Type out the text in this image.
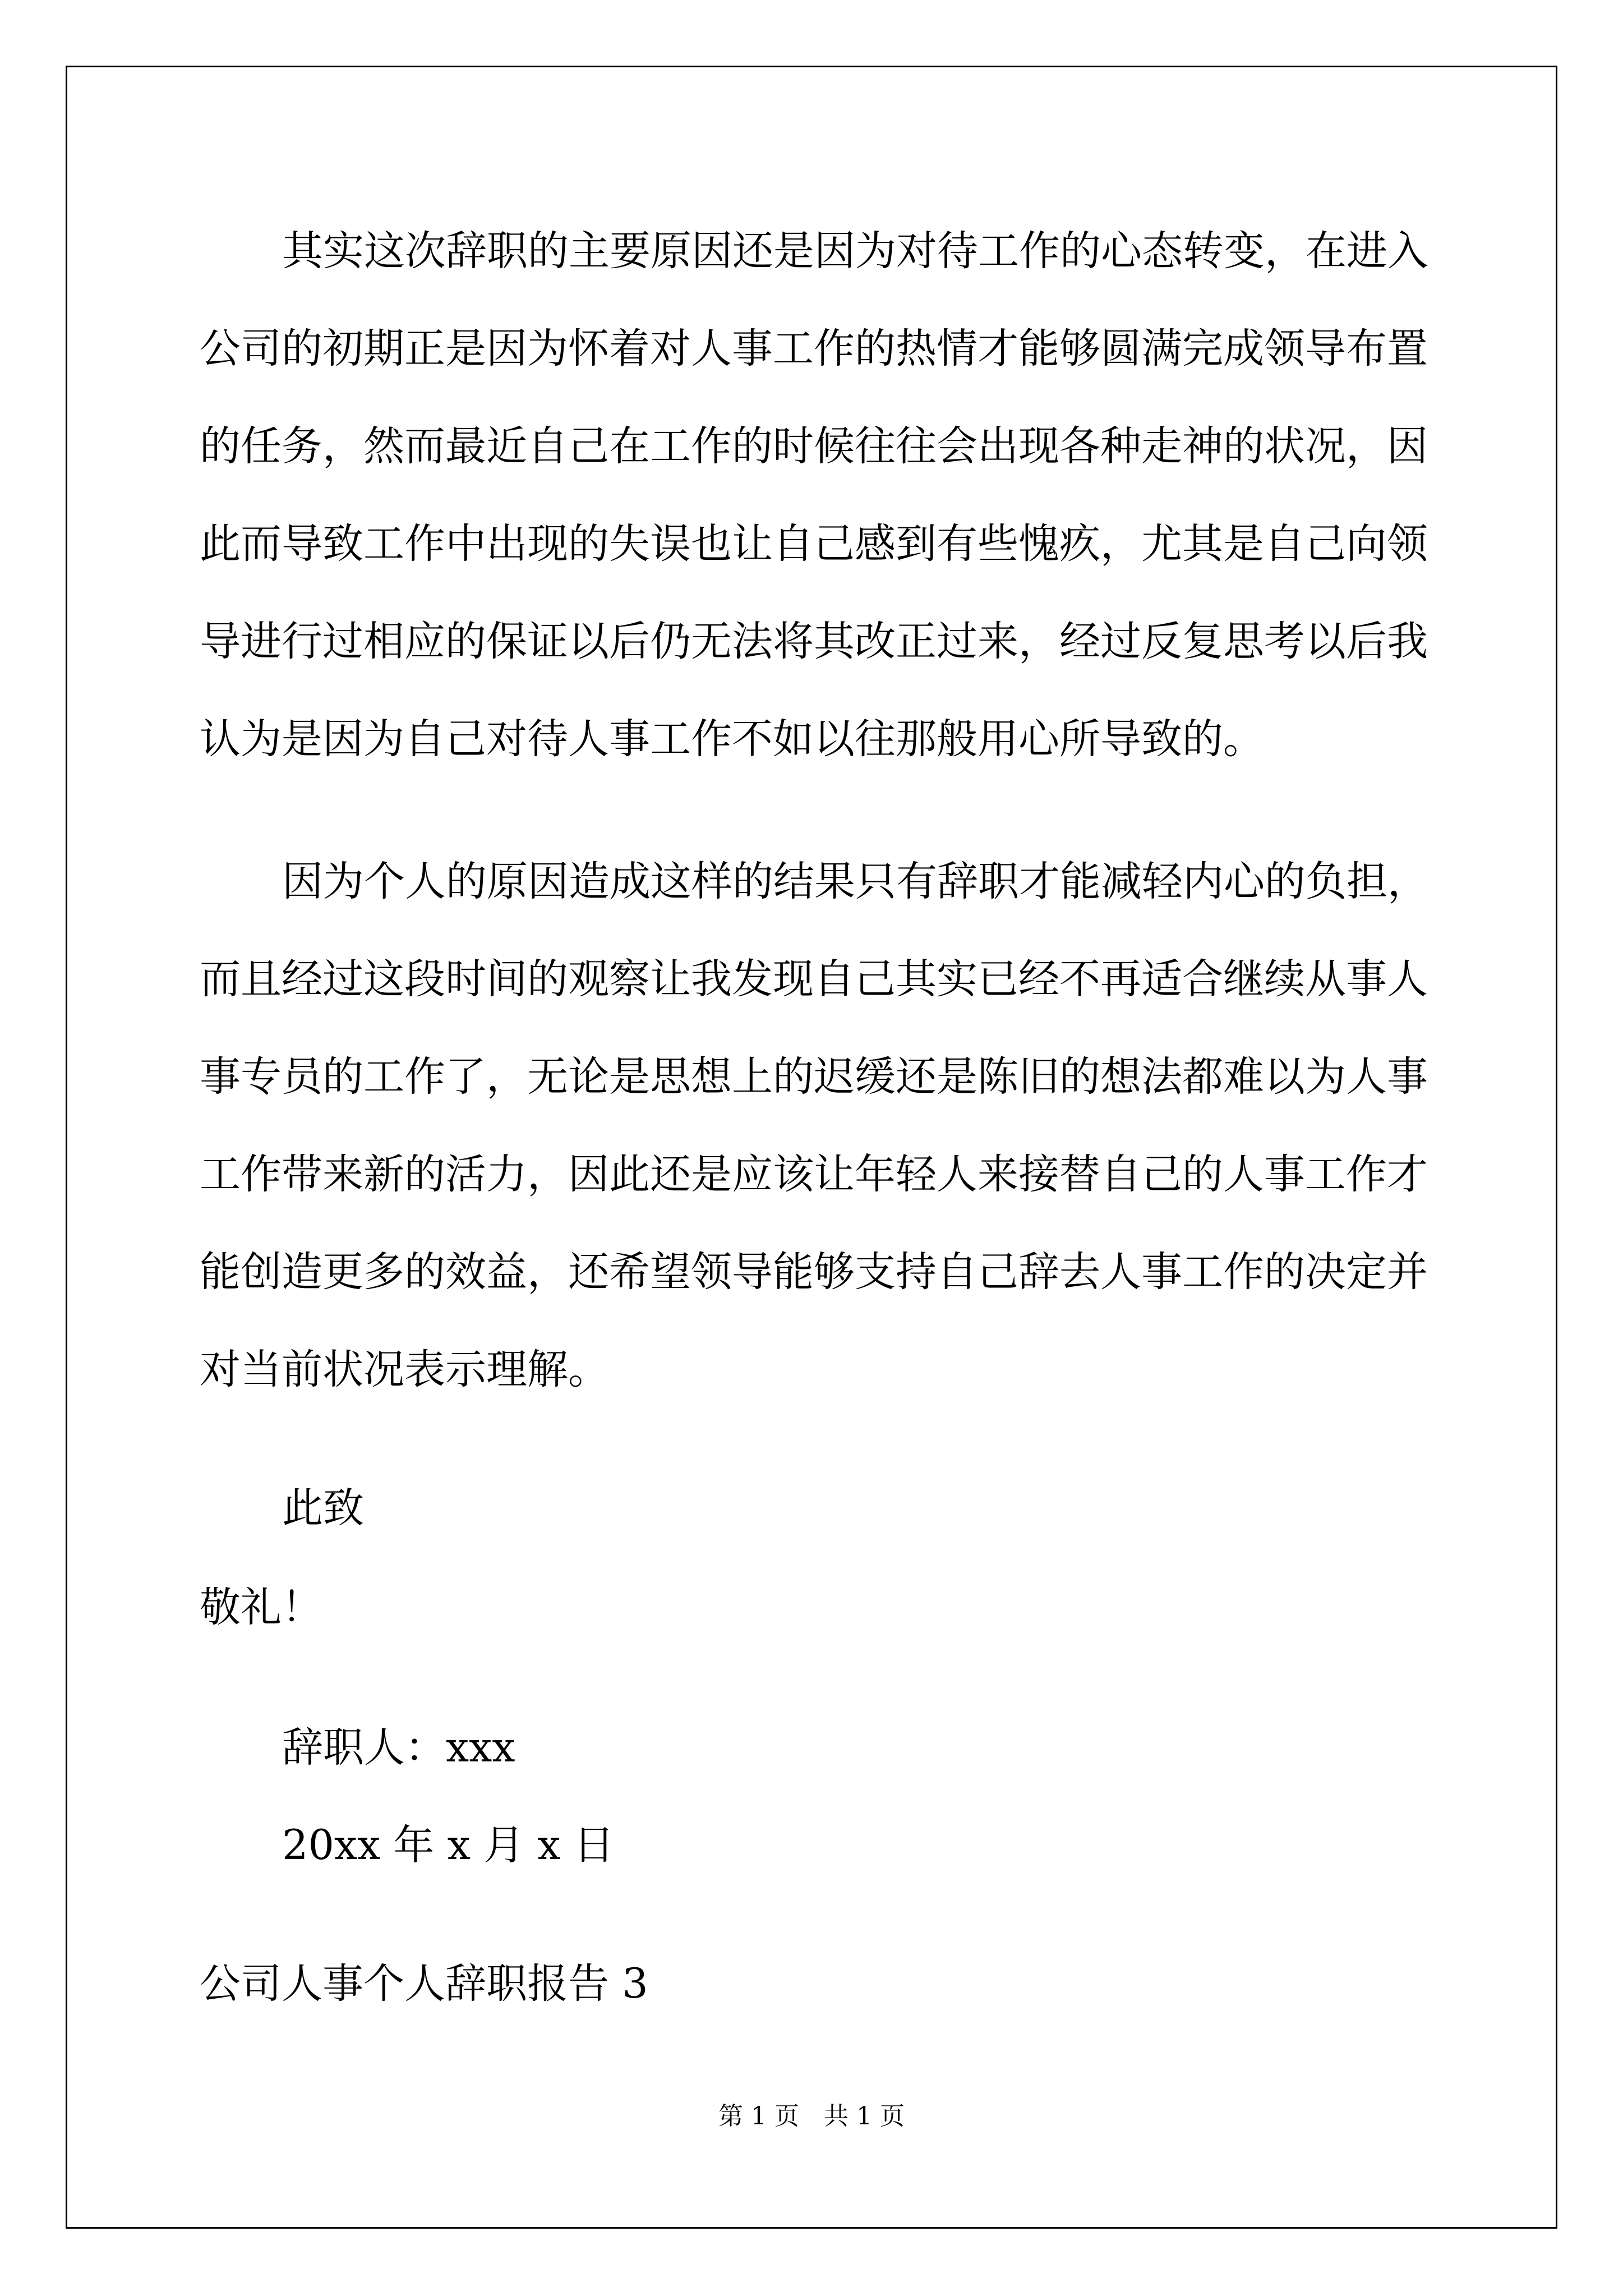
其实这次辞职的主要原因还是因为对待工作的心态转变，在进入
公司的初期正是因为怀着对人事工作的热情才能够圆满完成领导布置
的任务，然而最近自己在工作的时候往往会出现各种走神的状况，因
此而导致工作中出现的失误也让自己感到有些愧疚，尤其是自己向领
导进行过相应的保证以后仍无法将其改正过来，经过反复思考以后我
认为是因为自己对待人事工作不如以往那般用心所导致的。
因为个人的原因造成这样的结果只有辞职才能减轻内心的负担，
而且经过这段时间的观察让我发现自己其实已经不再适合继续从事人
事专员的工作了，无论是思想上的迟缓还是陈旧的想法都难以为人事
工作带来新的活力，因此还是应该让年轻人来接替自己的人事工作才
能创造更多的效益，还希望领导能够支持自己辞去人事工作的决定并
对当前状况表示理解。
此致
敬礼！
辞职人：xxx
20xx 年 x 月 x 日
公司人事个人辞职报告 3
第 1 页　共 1 页
